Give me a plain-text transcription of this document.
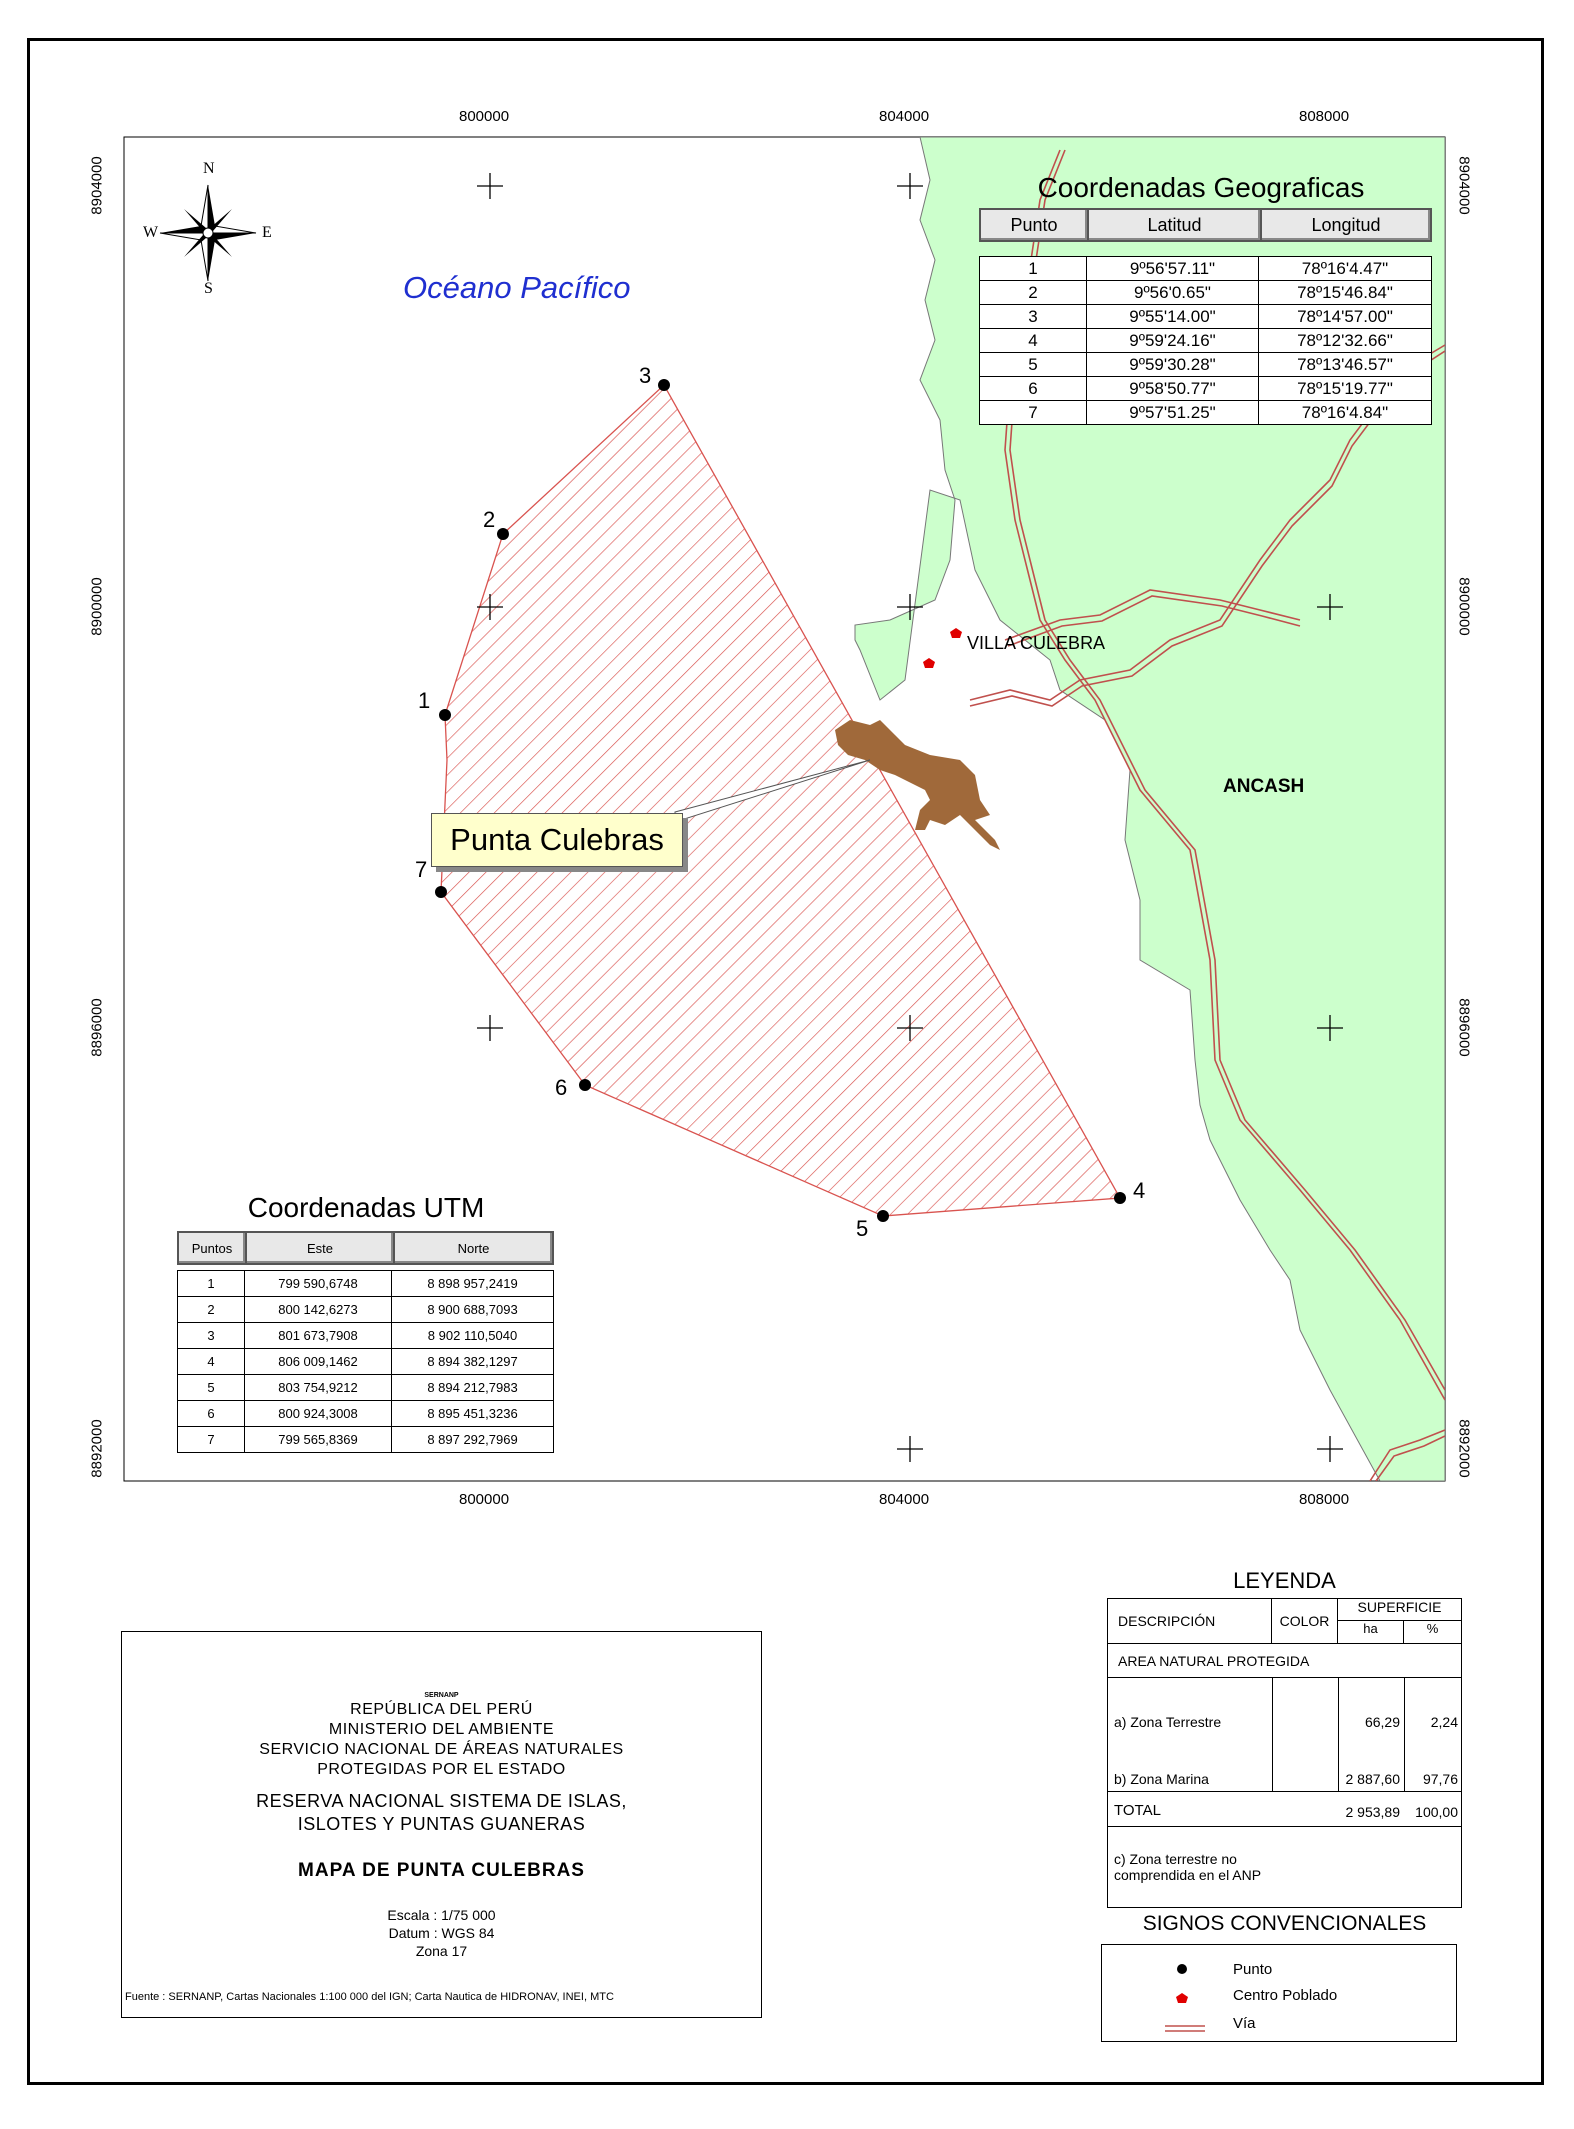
N
S
E
W
800000	804000	808000
800000	804000	808000
8904000
8900000
8896000
8892000
8904000
8900000
8896000
8892000
Océano Pacífico
ANCASH
VILLA CULEBRA
1
2
3
4
5
6
7
Punta Culebras
Coordenadas Geograficas
Punto	Latitud	Longitud
1	9º56'57.11"	78º16'4.47"
2	9º56'0.65"	78º15'46.84"
3	9º55'14.00"	78º14'57.00"
4	9º59'24.16"	78º12'32.66"
5	9º59'30.28"	78º13'46.57"
6	9º58'50.77"	78º15'19.77"
7	9º57'51.25"	78º16'4.84"
Coordenadas UTM
Puntos	Este	Norte
1	799 590,6748	8 898 957,2419
2	800 142,6273	8 900 688,7093
3	801 673,7908	8 902 110,5040
4	806 009,1462	8 894 382,1297
5	803 754,9212	8 894 212,7983
6	800 924,3008	8 895 451,3236
7	799 565,8369	8 897 292,7969
SERNANP
REPÚBLICA DEL PERÚ
MINISTERIO DEL AMBIENTE
SERVICIO NACIONAL DE ÁREAS NATURALES
PROTEGIDAS POR EL ESTADO
RESERVA NACIONAL SISTEMA DE ISLAS,
ISLOTES Y PUNTAS GUANERAS
MAPA DE PUNTA CULEBRAS
Escala : 1/75 000
Datum : WGS 84
Zona 17
Fuente : SERNANP, Cartas Nacionales 1:100 000 del IGN; Carta Nautica de HIDRONAV, INEI, MTC
LEYENDA
DESCRIPCIÓN	COLOR
SUPERFICIE
ha	%
AREA NATURAL PROTEGIDA
a) Zona Terrestre	66,29	2,24
b) Zona Marina	2 887,60	97,76
TOTAL	2 953,89	100,00
c) Zona terrestre no comprendida en el ANP
SIGNOS CONVENCIONALES
Punto
Centro Poblado
Vía
